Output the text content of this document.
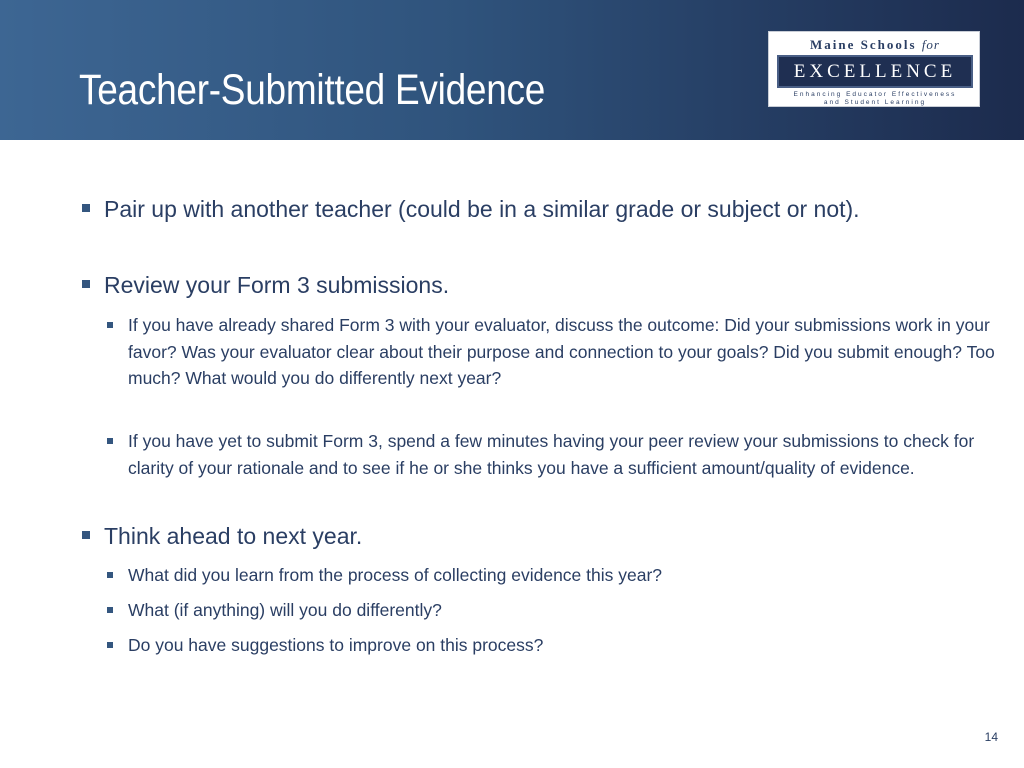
Teacher-Submitted Evidence
Maine Schools for
EXCELLENCE
Enhancing Educator Effectiveness
and Student Learning
Pair up with another teacher (could be in a similar grade or subject or not).
Review your Form 3 submissions.
If you have already shared Form 3 with your evaluator, discuss the outcome: Did your submissions work in your favor? Was your evaluator clear about their purpose and connection to your goals? Did you submit enough? Too much? What would you do differently next year?
If you have yet to submit Form 3, spend a few minutes having your peer review your submissions to check for clarity of your rationale and to see if he or she thinks you have a sufficient amount/quality of evidence.
Think ahead to next year.
What did you learn from the process of collecting evidence this year?
What (if anything) will you do differently?
Do you have suggestions to improve on this process?
14
